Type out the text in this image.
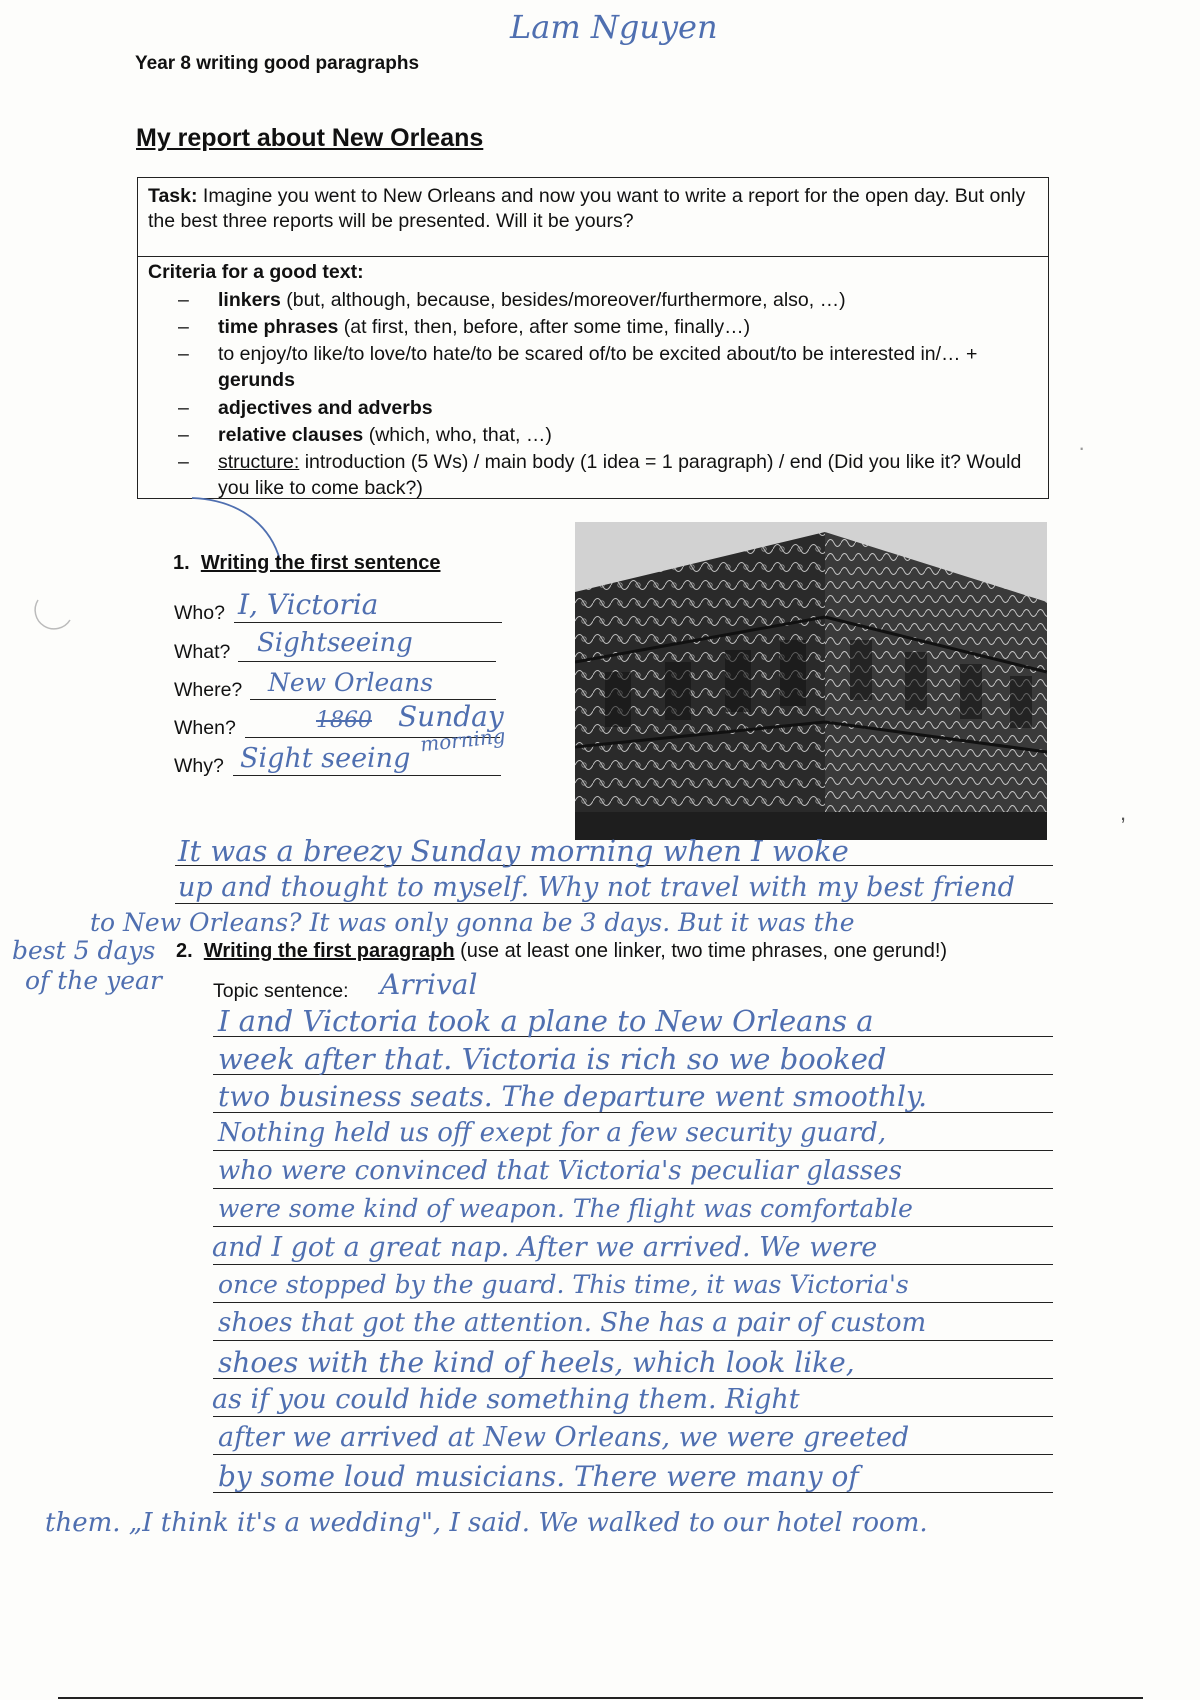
Year 8 writing good paragraphs
Lam Nguyen
My report about New Orleans
Task: Imagine you went to New Orleans and now you want to write a report for the open day. But only the best three reports will be presented. Will it be yours?
Criteria for a good text:
– linkers (but, although, because, besides/moreover/furthermore, also, …)
– time phrases (at first, then, before, after some time, finally…)
– to enjoy/to like/to love/to hate/to be scared of/to be excited about/to be interested in/… + gerunds
– adjectives and adverbs
– relative clauses (which, who, that, …)
– structure: introduction (5 Ws) / main body (1 idea = 1 paragraph) / end (Did you like it? Would you like to come back?)
1. Writing the first sentence
Who? I, Victoria
What? Sightseeing
Where? New Orleans
When?	1860 Sunday
morning
Why? Sight seeing
It was a breezy Sunday morning when I woke
up and thought to myself. Why not travel with my best friend
to New Orleans? It was only gonna be 3 days. But it was the
best 5 days
of the year
2. Writing the first paragraph (use at least one linker, two time phrases, one gerund!)
Topic sentence: Arrival
I and Victoria took a plane to New Orleans a
week after that. Victoria is rich so we booked
two business seats. The departure went smoothly.
Nothing held us off exept for a few security guard,
who were convinced that Victoria's peculiar glasses
were some kind of weapon. The flight was comfortable
and I got a great nap. After we arrived. We were
once stopped by the guard. This time, it was Victoria's
shoes that got the attention. She has a pair of custom
shoes with the kind of heels, which look like,
as if you could hide something them. Right
after we arrived at New Orleans, we were greeted
by some loud musicians. There were many of
them. „I think it's a wedding", I said. We walked to our hotel room.
·
,
